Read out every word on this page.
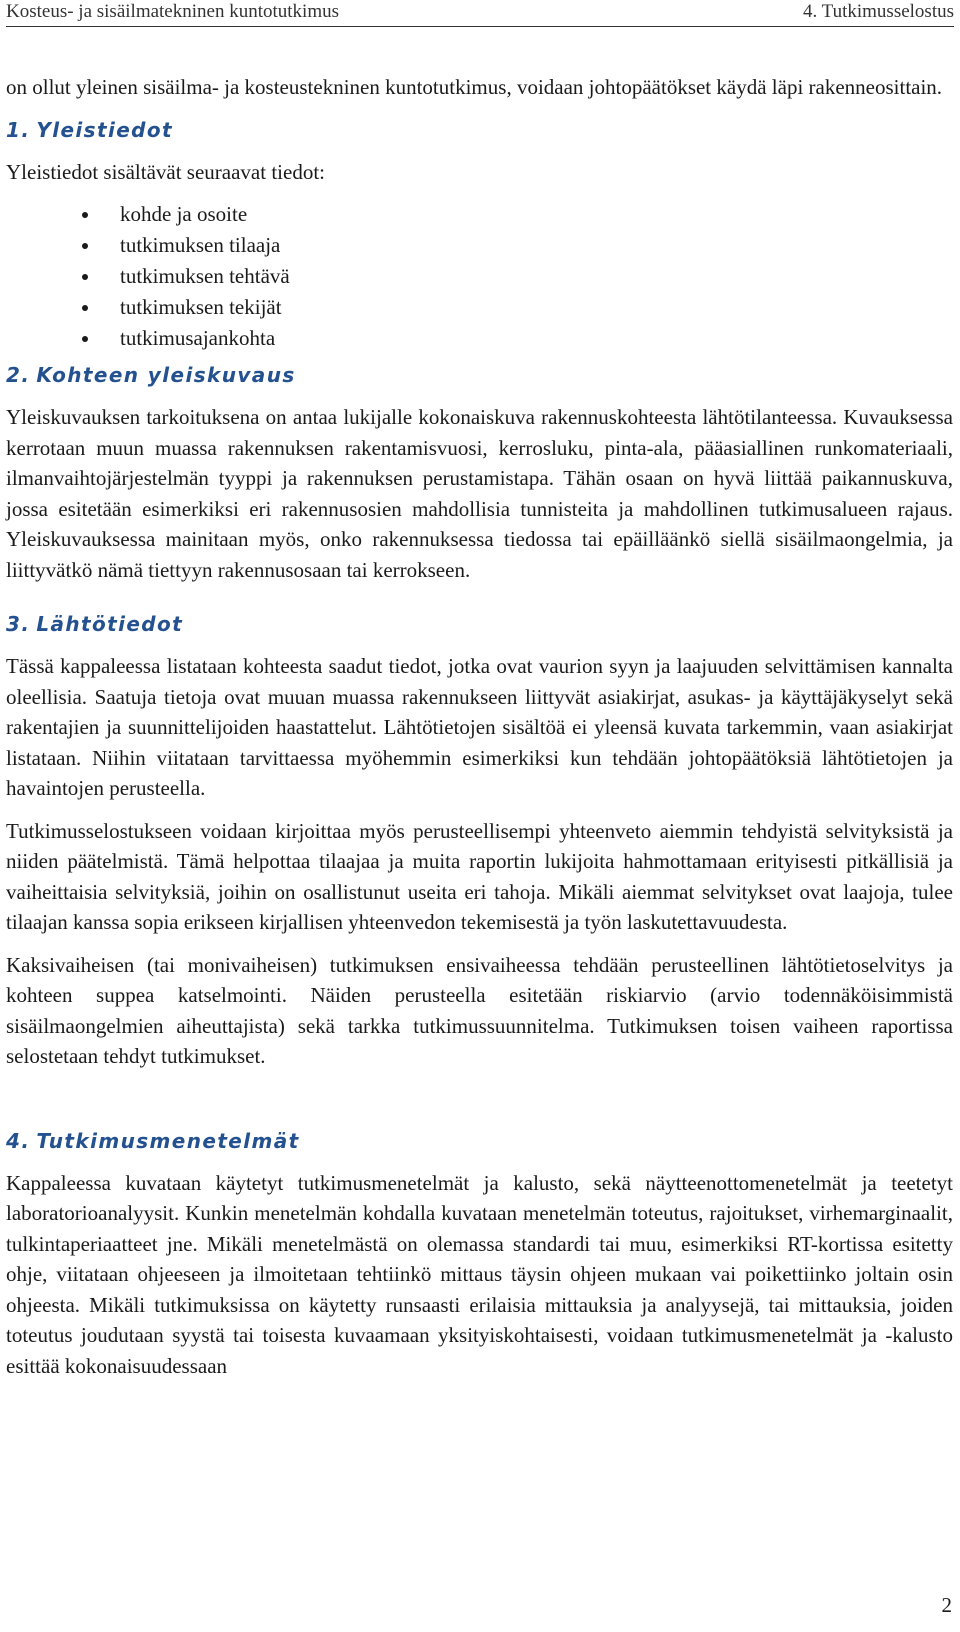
Kosteus- ja sisäilmatekninen kuntotutkimus	4. Tutkimusselostus

on ollut yleinen sisäilma- ja kosteustekninen kuntotutkimus, voidaan johtopäätökset käydä läpi rakenneosittain.

1. Yleistiedot

Yleistiedot sisältävät seuraavat tiedot:

kohde ja osoite
tutkimuksen tilaaja
tutkimuksen tehtävä
tutkimuksen tekijät
tutkimusajankohta
2. Kohteen yleiskuvaus

Yleiskuvauksen tarkoituksena on antaa lukijalle kokonaiskuva rakennuskohteesta lähtötilanteessa. Kuvauksessa kerrotaan muun muassa rakennuksen rakentamisvuosi, kerrosluku, pinta-ala, pääasiallinen runkomateriaali, ilmanvaihtojärjestelmän tyyppi ja rakennuksen perustamistapa. Tähän osaan on hyvä liittää paikannuskuva, jossa esitetään esimerkiksi eri rakennusosien mahdollisia tunnisteita ja mahdollinen tutkimusalueen rajaus. Yleiskuvauksessa mainitaan myös, onko rakennuksessa tiedossa tai epäilläänkö siellä sisäilmaongelmia, ja liittyvätkö nämä tiettyyn rakennusosaan tai kerrokseen.

3. Lähtötiedot

Tässä kappaleessa listataan kohteesta saadut tiedot, jotka ovat vaurion syyn ja laajuuden selvittämisen kannalta oleellisia. Saatuja tietoja ovat muuan muassa rakennukseen liittyvät asiakirjat, asukas- ja käyttäjäkyselyt sekä rakentajien ja suunnittelijoiden haastattelut. Lähtötietojen sisältöä ei yleensä kuvata tarkemmin, vaan asiakirjat listataan. Niihin viitataan tarvittaessa myöhemmin esimerkiksi kun tehdään johtopäätöksiä lähtötietojen ja havaintojen perusteella.

Tutkimusselostukseen voidaan kirjoittaa myös perusteellisempi yhteenveto aiemmin tehdyistä selvityksistä ja niiden päätelmistä. Tämä helpottaa tilaajaa ja muita raportin lukijoita hahmottamaan erityisesti pitkällisiä ja vaiheittaisia selvityksiä, joihin on osallistunut useita eri tahoja. Mikäli aiemmat selvitykset ovat laajoja, tulee tilaajan kanssa sopia erikseen kirjallisen yhteenvedon tekemisestä ja työn laskutettavuudesta.

Kaksivaiheisen (tai monivaiheisen) tutkimuksen ensivaiheessa tehdään perusteellinen lähtötietoselvitys ja kohteen suppea katselmointi. Näiden perusteella esitetään riskiarvio (arvio todennäköisimmistä sisäilmaongelmien aiheuttajista) sekä tarkka tutkimussuunnitelma. Tutkimuksen toisen vaiheen raportissa selostetaan tehdyt tutkimukset.

4. Tutkimusmenetelmät

Kappaleessa kuvataan käytetyt tutkimusmenetelmät ja kalusto, sekä näytteenottomenetelmät ja teetetyt laboratorioanalyysit. Kunkin menetelmän kohdalla kuvataan menetelmän toteutus, rajoitukset, virhemarginaalit, tulkintaperiaatteet jne. Mikäli menetelmästä on olemassa standardi tai muu, esimerkiksi RT-kortissa esitetty ohje, viitataan ohjeeseen ja ilmoitetaan tehtiinkö mittaus täysin ohjeen mukaan vai poikettiinko joltain osin ohjeesta. Mikäli tutkimuksissa on käytetty runsaasti erilaisia mittauksia ja analyysejä, tai mittauksia, joiden toteutus joudutaan syystä tai toisesta kuvaamaan yksityiskohtaisesti, voidaan tutkimusmenetelmät ja -kalusto esittää kokonaisuudessaan

2
